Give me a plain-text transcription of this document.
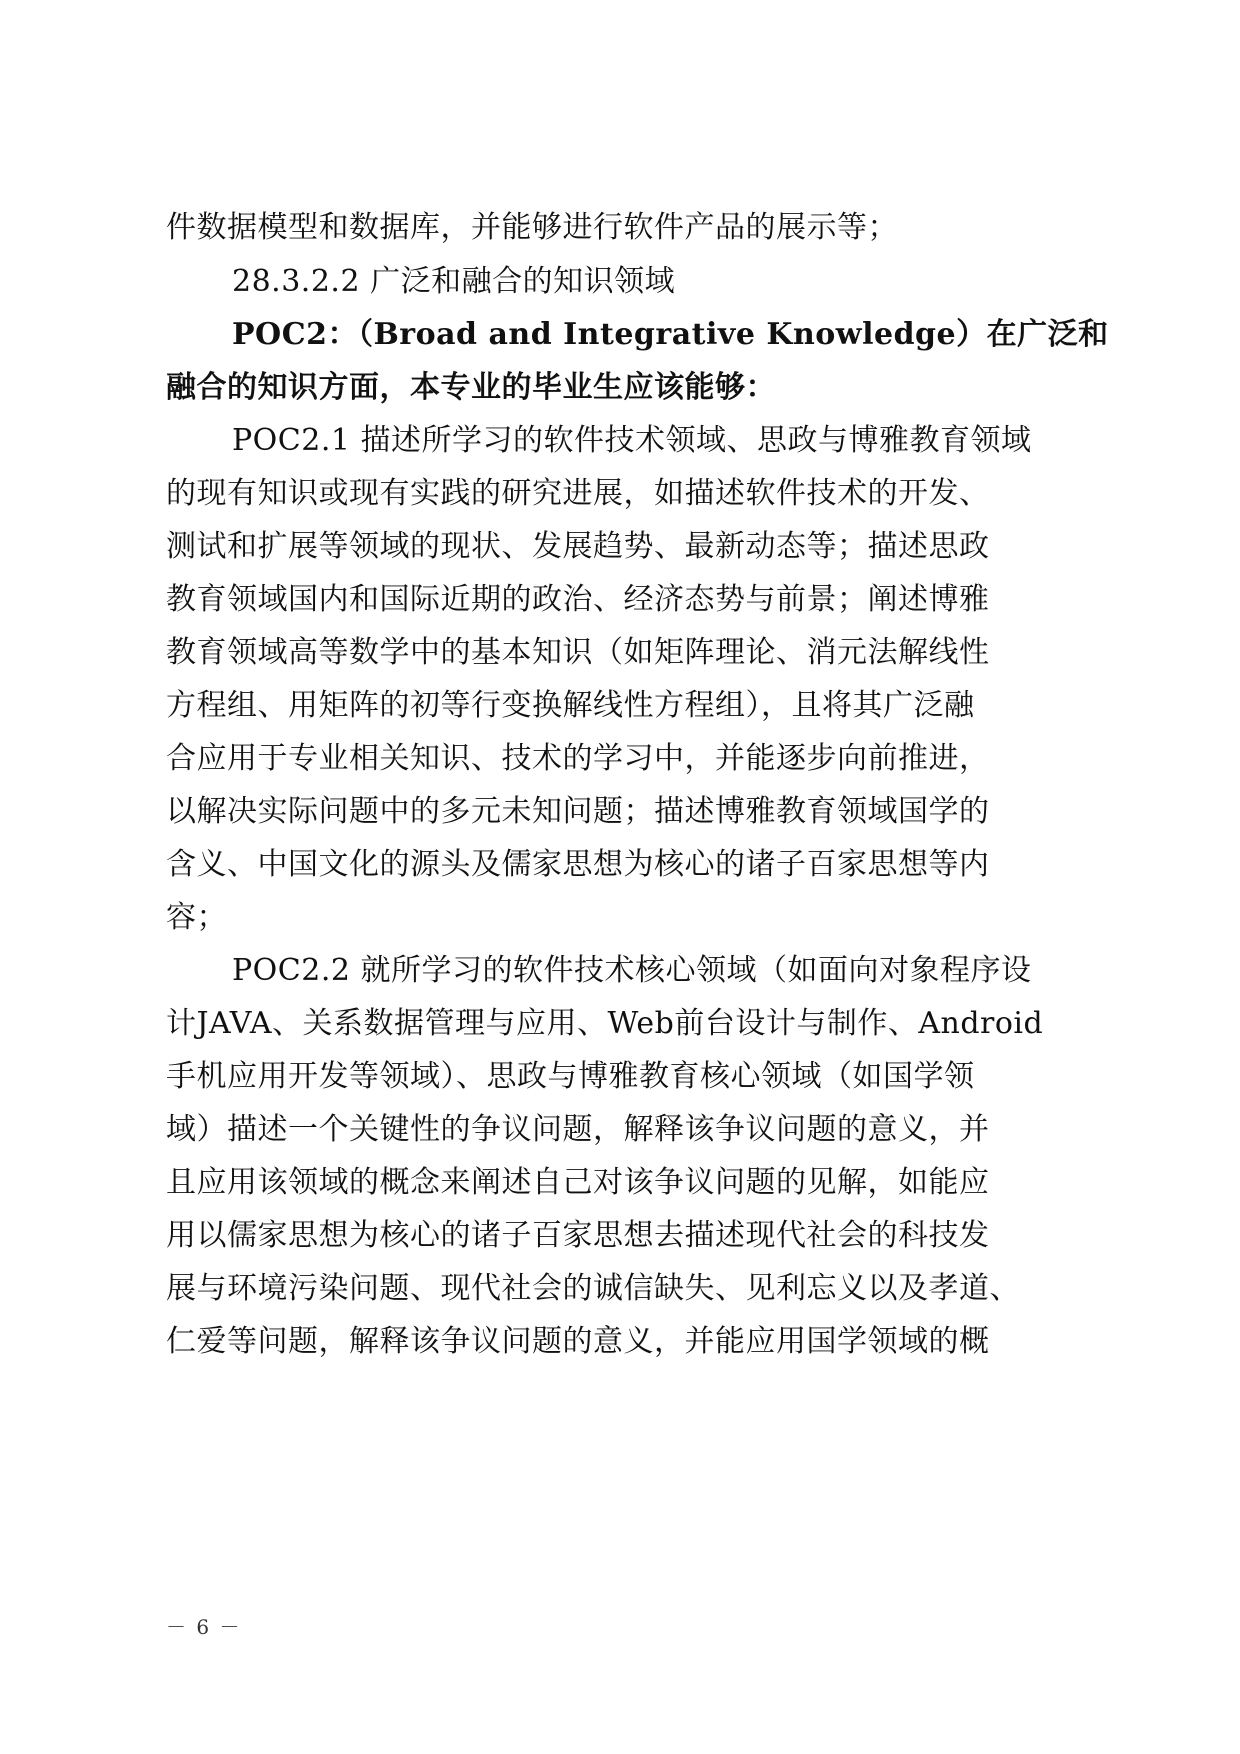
件数据模型和数据库，并能够进行软件产品的展示等；
28.3.2.2 广泛和融合的知识领域
POC2：（Broad and Integrative Knowledge）在广泛和
融合的知识方面，本专业的毕业生应该能够：
POC2.1 描述所学习的软件技术领域、思政与博雅教育领域
的现有知识或现有实践的研究进展，如描述软件技术的开发、
测试和扩展等领域的现状、发展趋势、最新动态等；描述思政
教育领域国内和国际近期的政治、经济态势与前景；阐述博雅
教育领域高等数学中的基本知识（如矩阵理论、消元法解线性
方程组、用矩阵的初等行变换解线性方程组），且将其广泛融
合应用于专业相关知识、技术的学习中，并能逐步向前推进，
以解决实际问题中的多元未知问题；描述博雅教育领域国学的
含义、中国文化的源头及儒家思想为核心的诸子百家思想等内
容；
POC2.2 就所学习的软件技术核心领域（如面向对象程序设
计JAVA、关系数据管理与应用、Web前台设计与制作、Android
手机应用开发等领域）、思政与博雅教育核心领域（如国学领
域）描述一个关键性的争议问题，解释该争议问题的意义，并
且应用该领域的概念来阐述自己对该争议问题的见解，如能应
用以儒家思想为核心的诸子百家思想去描述现代社会的科技发
展与环境污染问题、现代社会的诚信缺失、见利忘义以及孝道、
仁爱等问题，解释该争议问题的意义，并能应用国学领域的概
－ 6 －
